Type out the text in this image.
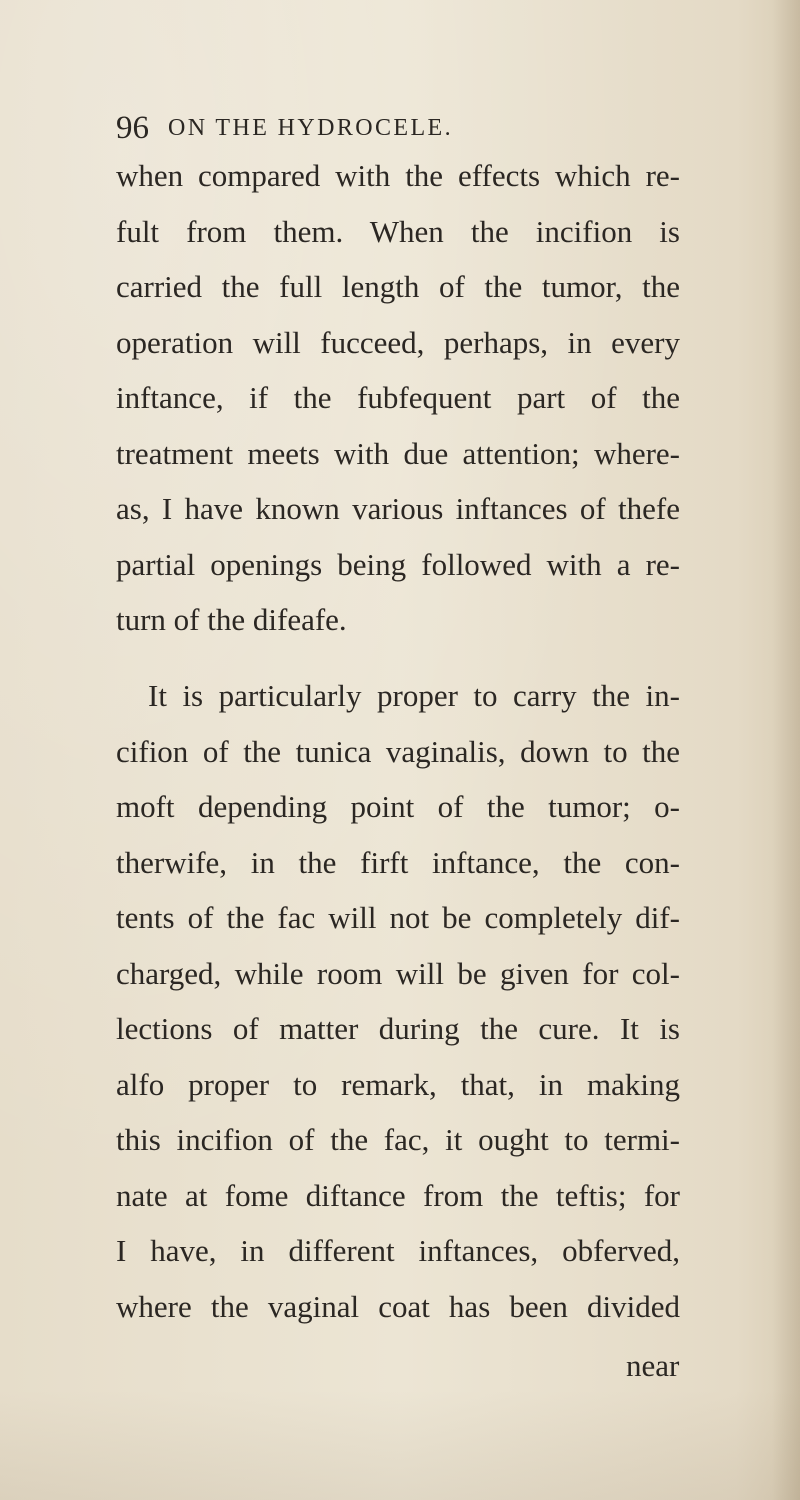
96 ON THE HYDROCELE.
when compared with the effects which re-
fult from them. When the incifion is
carried the full length of the tumor, the
operation will fucceed, perhaps, in every
inftance, if the fubfequent part of the
treatment meets with due attention; where-
as, I have known various inftances of thefe
partial openings being followed with a re-
turn of the difeafe.
It is particularly proper to carry the in-
cifion of the tunica vaginalis, down to the
moft depending point of the tumor; o-
therwife, in the firft inftance, the con-
tents of the fac will not be completely dif-
charged, while room will be given for col-
lections of matter during the cure. It is
alfo proper to remark, that, in making
this incifion of the fac, it ought to termi-
nate at fome diftance from the teftis; for
I have, in different inftances, obferved,
where the vaginal coat has been divided
near
